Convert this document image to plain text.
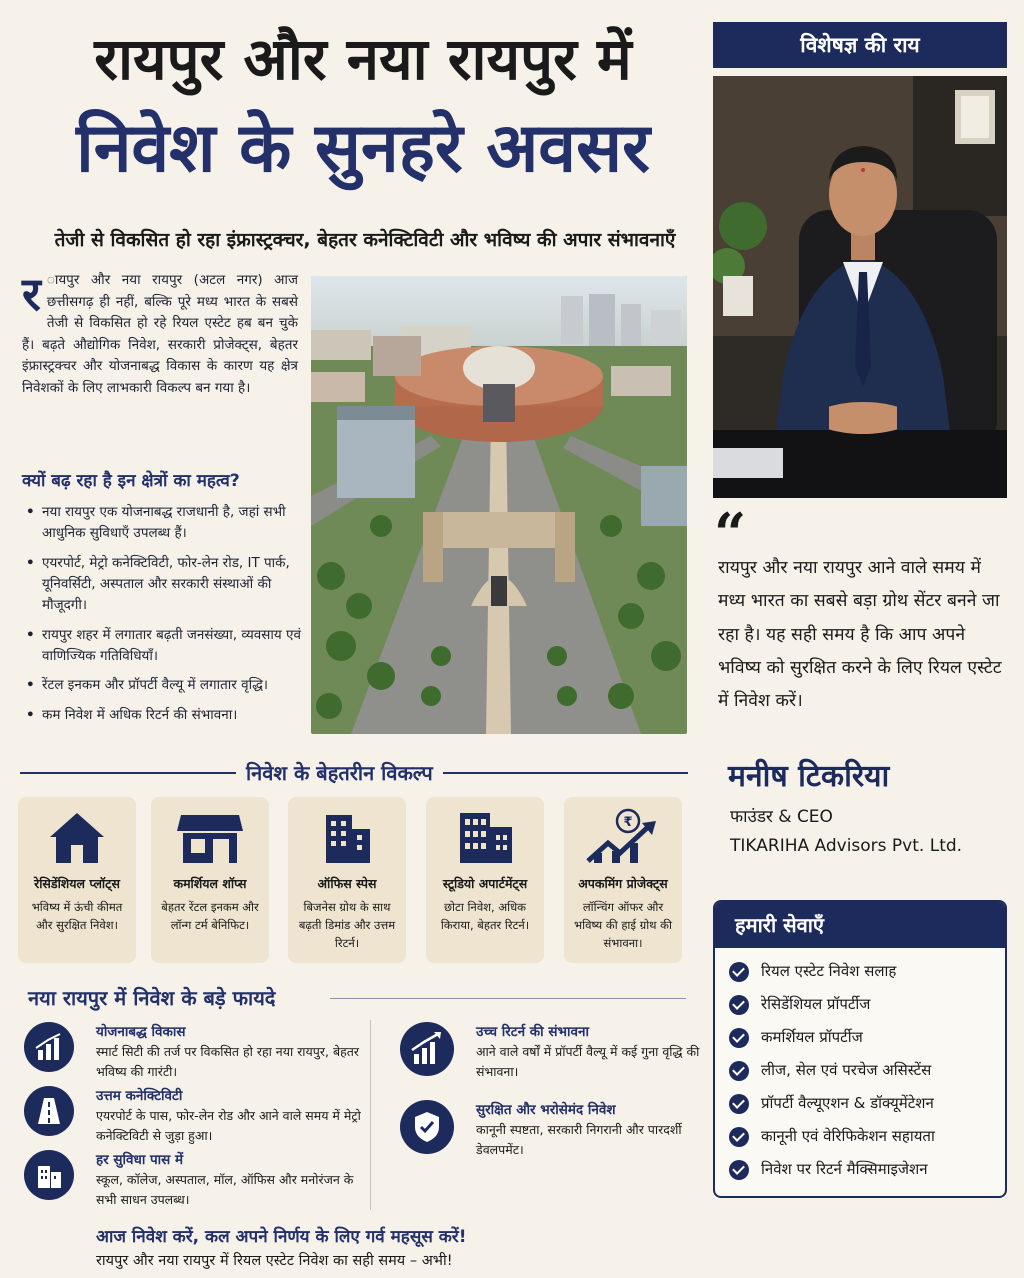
रायपुर और नया रायपुर में
निवेश के सुनहरे अवसर
तेजी से विकसित हो रहा इंफ्रास्ट्रक्चर, बेहतर कनेक्टिविटी और भविष्य की अपार संभावनाएँ
र ायपुर और नया रायपुर (अटल नगर) आज छत्तीसगढ़ ही नहीं, बल्कि पूरे मध्य भारत के सबसे तेजी से विकसित हो रहे रियल एस्टेट हब बन चुके हैं। बढ़ते औद्योगिक निवेश, सरकारी प्रोजेक्ट्स, बेहतर इंफ्रास्ट्रक्चर और योजनाबद्ध विकास के कारण यह क्षेत्र निवेशकों के लिए लाभकारी विकल्प बन गया है।
क्यों बढ़ रहा है इन क्षेत्रों का महत्व?
• नया रायपुर एक योजनाबद्ध राजधानी है, जहां सभी आधुनिक सुविधाएँ उपलब्ध हैं।
• एयरपोर्ट, मेट्रो कनेक्टिविटी, फोर-लेन रोड, IT पार्क, यूनिवर्सिटी, अस्पताल और सरकारी संस्थाओं की मौजूदगी।
• रायपुर शहर में लगातार बढ़ती जनसंख्या, व्यवसाय एवं वाणिज्यिक गतिविधियाँ।
• रेंटल इनकम और प्रॉपर्टी वैल्यू में लगातार वृद्धि।
• कम निवेश में अधिक रिटर्न की संभावना।
निवेश के बेहतरीन विकल्प
रेसिडेंशियल प्लॉट्स
भविष्य में ऊंची कीमत और सुरक्षित निवेश।
कमर्शियल शॉप्स
बेहतर रेंटल इनकम और लॉन्ग टर्म बेनिफिट।
ऑफिस स्पेस
बिजनेस ग्रोथ के साथ बढ़ती डिमांड और उत्तम रिटर्न।
स्टूडियो अपार्टमेंट्स
छोटा निवेश, अधिक किराया, बेहतर रिटर्न।
₹
अपकमिंग प्रोजेक्ट्स
लॉन्चिंग ऑफर और भविष्य की हाई ग्रोथ की संभावना।
नया रायपुर में निवेश के बड़े फायदे
योजनाबद्ध विकास
स्मार्ट सिटी की तर्ज पर विकसित हो रहा नया रायपुर, बेहतर भविष्य की गारंटी।
उत्तम कनेक्टिविटी
एयरपोर्ट के पास, फोर-लेन रोड और आने वाले समय में मेट्रो कनेक्टिविटी से जुड़ा हुआ।
हर सुविधा पास में
स्कूल, कॉलेज, अस्पताल, मॉल, ऑफिस और मनोरंजन के सभी साधन उपलब्ध।
उच्च रिटर्न की संभावना
आने वाले वर्षों में प्रॉपर्टी वैल्यू में कई गुना वृद्धि की संभावना।
सुरक्षित और भरोसेमंद निवेश
कानूनी स्पष्टता, सरकारी निगरानी और पारदर्शी डेवलपमेंट।
आज निवेश करें, कल अपने निर्णय के लिए गर्व महसूस करें!
रायपुर और नया रायपुर में रियल एस्टेट निवेश का सही समय – अभी!
विशेषज्ञ की राय
“
रायपुर और नया रायपुर आने वाले समय में मध्य भारत का सबसे बड़ा ग्रोथ सेंटर बनने जा रहा है। यह सही समय है कि आप अपने भविष्य को सुरक्षित करने के लिए रियल एस्टेट में निवेश करें।
मनीष टिकरिया
फाउंडर & CEO
TIKARIHA Advisors Pvt. Ltd.
हमारी सेवाएँ
रियल एस्टेट निवेश सलाह
रेसिडेंशियल प्रॉपर्टीज
कमर्शियल प्रॉपर्टीज
लीज, सेल एवं परचेज असिस्टेंस
प्रॉपर्टी वैल्यूएशन & डॉक्यूमेंटेशन
कानूनी एवं वेरिफिकेशन सहायता
निवेश पर रिटर्न मैक्सिमाइजेशन
